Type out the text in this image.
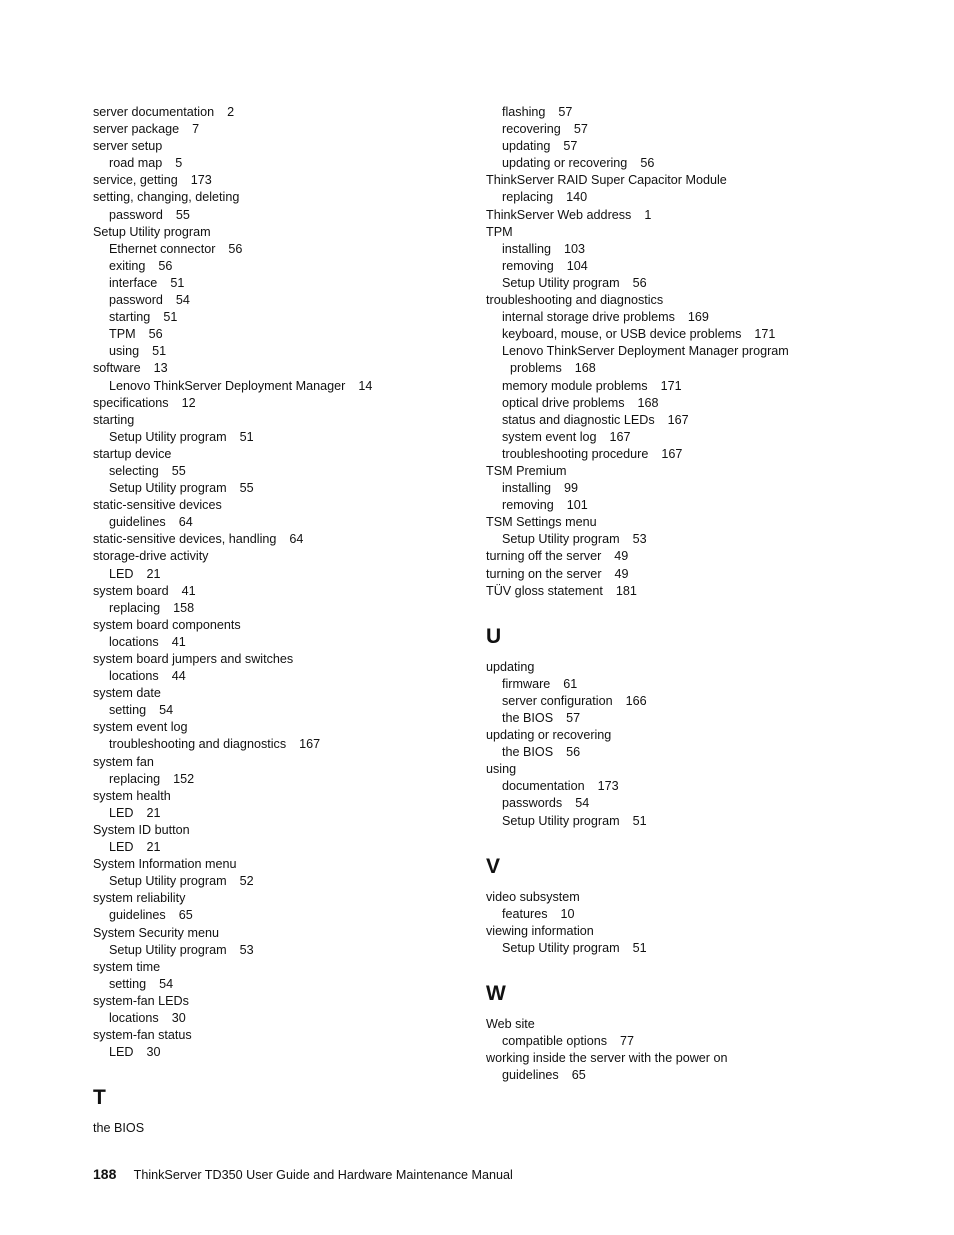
server documentation 2
server package 7
server setup
road map 5
service, getting 173
setting, changing, deleting
password 55
Setup Utility program
Ethernet connector 56
exiting 56
interface 51
password 54
starting 51
TPM 56
using 51
software 13
Lenovo ThinkServer Deployment Manager 14
specifications 12
starting
Setup Utility program 51
startup device
selecting 55
Setup Utility program 55
static-sensitive devices
guidelines 64
static-sensitive devices, handling 64
storage-drive activity
LED 21
system board 41
replacing 158
system board components
locations 41
system board jumpers and switches
locations 44
system date
setting 54
system event log
troubleshooting and diagnostics 167
system fan
replacing 152
system health
LED 21
System ID button
LED 21
System Information menu
Setup Utility program 52
system reliability
guidelines 65
System Security menu
Setup Utility program 53
system time
setting 54
system-fan LEDs
locations 30
system-fan status
LED 30
T
the BIOS
flashing 57
recovering 57
updating 57
updating or recovering 56
ThinkServer RAID Super Capacitor Module
replacing 140
ThinkServer Web address 1
TPM
installing 103
removing 104
Setup Utility program 56
troubleshooting and diagnostics
internal storage drive problems 169
keyboard, mouse, or USB device problems 171
Lenovo ThinkServer Deployment Manager program
problems 168
memory module problems 171
optical drive problems 168
status and diagnostic LEDs 167
system event log 167
troubleshooting procedure 167
TSM Premium
installing 99
removing 101
TSM Settings menu
Setup Utility program 53
turning off the server 49
turning on the server 49
TÜV gloss statement 181
U
updating
firmware 61
server configuration 166
the BIOS 57
updating or recovering
the BIOS 56
using
documentation 173
passwords 54
Setup Utility program 51
V
video subsystem
features 10
viewing information
Setup Utility program 51
W
Web site
compatible options 77
working inside the server with the power on
guidelines 65
188 ThinkServer TD350 User Guide and Hardware Maintenance Manual
